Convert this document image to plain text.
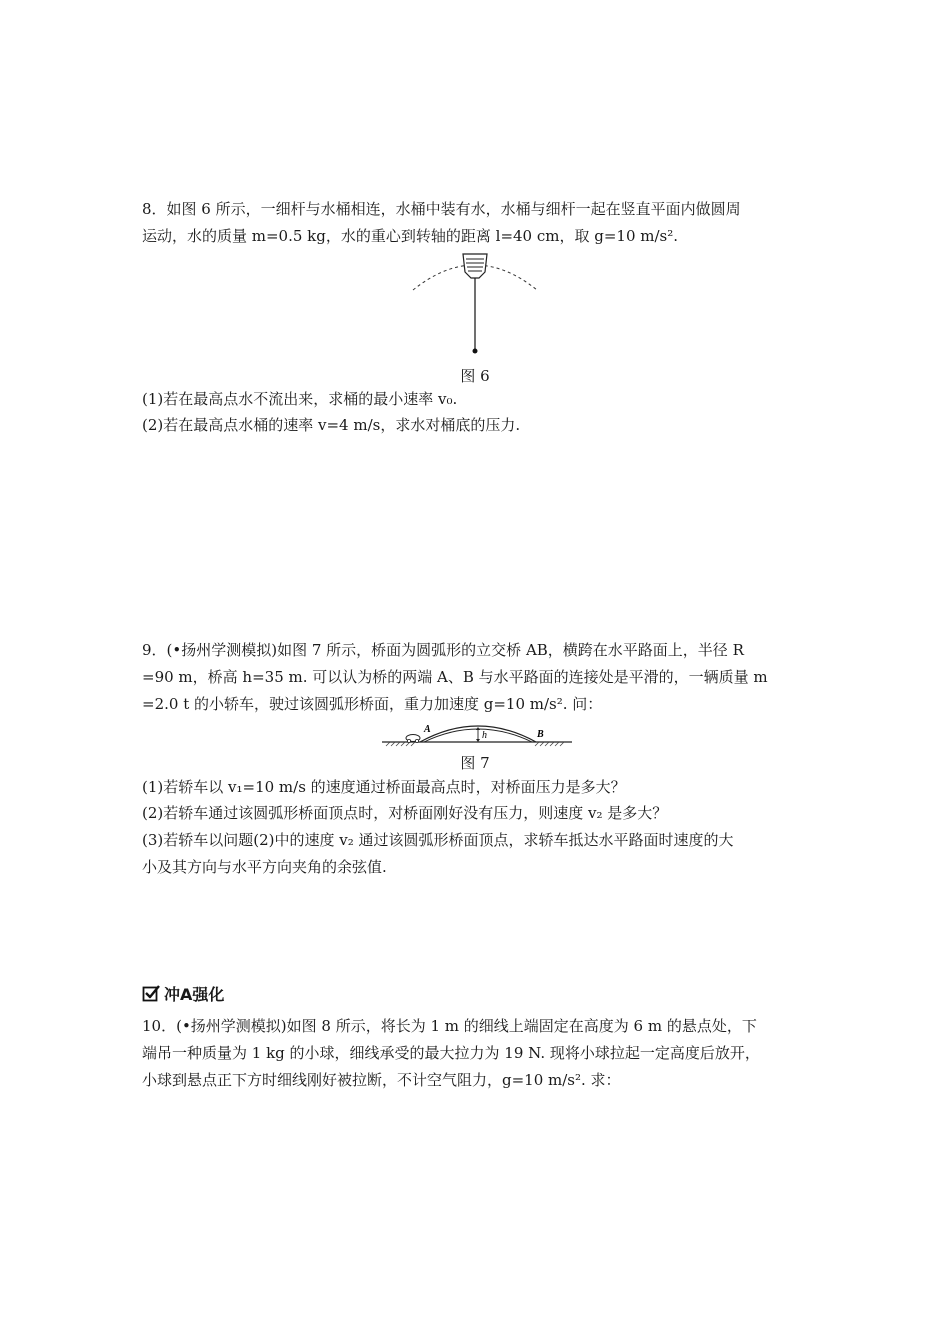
8．如图 6 所示，一细杆与水桶相连，水桶中装有水，水桶与细杆一起在竖直平面内做圆周
运动，水的质量 m=0.5 kg，水的重心到转轴的距离 l=40 cm，取 g=10 m/s².
图 6
(1)若在最高点水不流出来，求桶的最小速率 v₀.
(2)若在最高点水桶的速率 v=4 m/s，求水对桶底的压力.
9．(•扬州学测模拟)如图 7 所示，桥面为圆弧形的立交桥 AB，横跨在水平路面上，半径 R
=90 m，桥高 h=35 m. 可以认为桥的两端 A、B 与水平路面的连接处是平滑的，一辆质量 m
=2.0 t 的小轿车，驶过该圆弧形桥面，重力加速度 g=10 m/s². 问：
A
h	B
图 7
(1)若轿车以 v₁=10 m/s 的速度通过桥面最高点时，对桥面压力是多大？
(2)若轿车通过该圆弧形桥面顶点时，对桥面刚好没有压力，则速度 v₂ 是多大？
(3)若轿车以问题(2)中的速度 v₂ 通过该圆弧形桥面顶点，求轿车抵达水平路面时速度的大
小及其方向与水平方向夹角的余弦值.
冲A强化
10．(•扬州学测模拟)如图 8 所示，将长为 1 m 的细线上端固定在高度为 6 m 的悬点处，下
端吊一种质量为 1 kg 的小球，细线承受的最大拉力为 19 N. 现将小球拉起一定高度后放开，
小球到悬点正下方时细线刚好被拉断，不计空气阻力，g=10 m/s². 求：
